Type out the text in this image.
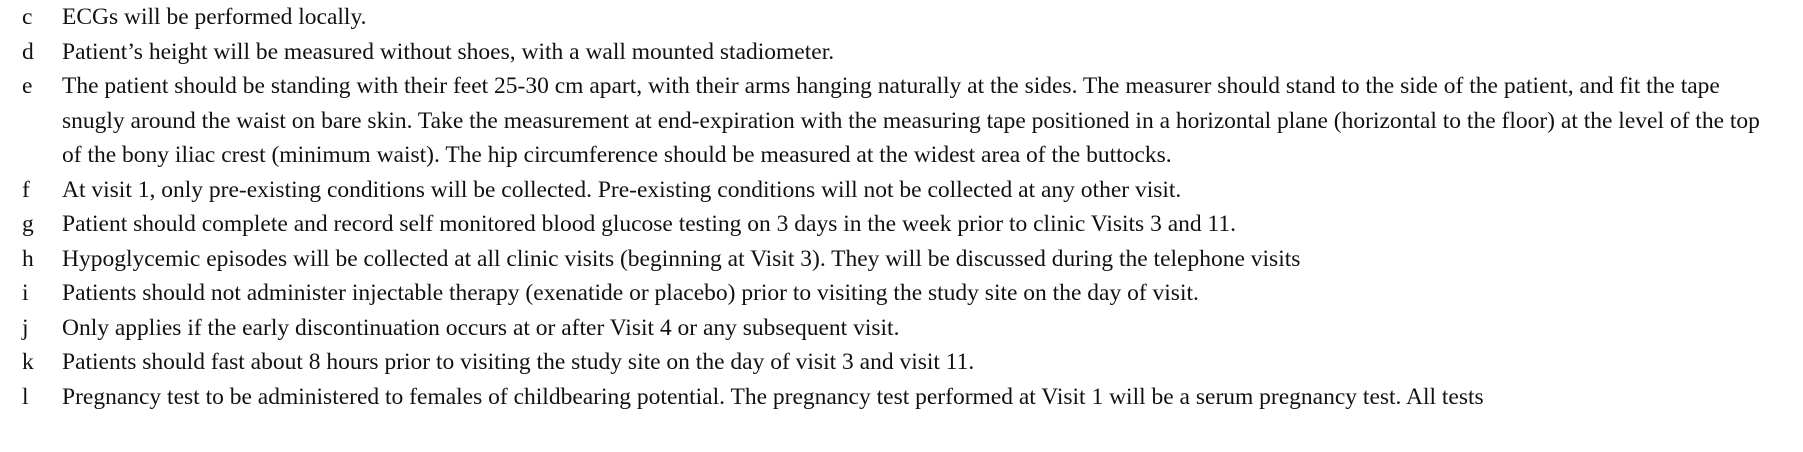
c	ECGs will be performed locally.
d	Patient’s height will be measured without shoes, with a wall mounted stadiometer.
e	The patient should be standing with their feet 25-30 cm apart, with their arms hanging naturally at the sides. The measurer should stand to the side of the patient, and fit the tape snugly around the waist on bare skin. Take the measurement at end-expiration with the measuring tape positioned in a horizontal plane (horizontal to the floor) at the level of the top of the bony iliac crest (minimum waist). The hip circumference should be measured at the widest area of the buttocks.
f	At visit 1, only pre-existing conditions will be collected. Pre-existing conditions will not be collected at any other visit.
g	Patient should complete and record self monitored blood glucose testing on 3 days in the week prior to clinic Visits 3 and 11.
h	Hypoglycemic episodes will be collected at all clinic visits (beginning at Visit 3). They will be discussed during the telephone visits
i	Patients should not administer injectable therapy (exenatide or placebo) prior to visiting the study site on the day of visit.
j	Only applies if the early discontinuation occurs at or after Visit 4 or any subsequent visit.
k	Patients should fast about 8 hours prior to visiting the study site on the day of visit 3 and visit 11.
l	Pregnancy test to be administered to females of childbearing potential. The pregnancy test performed at Visit 1 will be a serum pregnancy test. All tests
